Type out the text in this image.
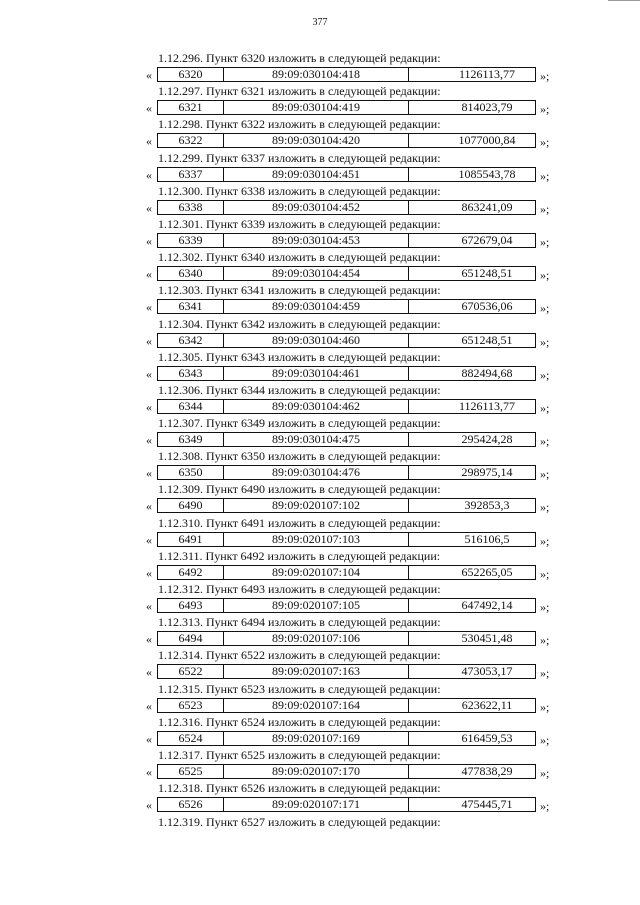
377
1.12.296. Пункт 6320 изложить в следующей редакции:
«	6320	89:09:030104:418	1126113,77	»;
1.12.297. Пункт 6321 изложить в следующей редакции:
«	6321	89:09:030104:419	814023,79	»;
1.12.298. Пункт 6322 изложить в следующей редакции:
«	6322	89:09:030104:420	1077000,84	»;
1.12.299. Пункт 6337 изложить в следующей редакции:
«	6337	89:09:030104:451	1085543,78	»;
1.12.300. Пункт 6338 изложить в следующей редакции:
«	6338	89:09:030104:452	863241,09	»;
1.12.301. Пункт 6339 изложить в следующей редакции:
«	6339	89:09:030104:453	672679,04	»;
1.12.302. Пункт 6340 изложить в следующей редакции:
«	6340	89:09:030104:454	651248,51	»;
1.12.303. Пункт 6341 изложить в следующей редакции:
«	6341	89:09:030104:459	670536,06	»;
1.12.304. Пункт 6342 изложить в следующей редакции:
«	6342	89:09:030104:460	651248,51	»;
1.12.305. Пункт 6343 изложить в следующей редакции:
«	6343	89:09:030104:461	882494,68	»;
1.12.306. Пункт 6344 изложить в следующей редакции:
«	6344	89:09:030104:462	1126113,77	»;
1.12.307. Пункт 6349 изложить в следующей редакции:
«	6349	89:09:030104:475	295424,28	»;
1.12.308. Пункт 6350 изложить в следующей редакции:
«	6350	89:09:030104:476	298975,14	»;
1.12.309. Пункт 6490 изложить в следующей редакции:
«	6490	89:09:020107:102	392853,3	»;
1.12.310. Пункт 6491 изложить в следующей редакции:
«	6491	89:09:020107:103	516106,5	»;
1.12.311. Пункт 6492 изложить в следующей редакции:
«	6492	89:09:020107:104	652265,05	»;
1.12.312. Пункт 6493 изложить в следующей редакции:
«	6493	89:09:020107:105	647492,14	»;
1.12.313. Пункт 6494 изложить в следующей редакции:
«	6494	89:09:020107:106	530451,48	»;
1.12.314. Пункт 6522 изложить в следующей редакции:
«	6522	89:09:020107:163	473053,17	»;
1.12.315. Пункт 6523 изложить в следующей редакции:
«	6523	89:09:020107:164	623622,11	»;
1.12.316. Пункт 6524 изложить в следующей редакции:
«	6524	89:09:020107:169	616459,53	»;
1.12.317. Пункт 6525 изложить в следующей редакции:
«	6525	89:09:020107:170	477838,29	»;
1.12.318. Пункт 6526 изложить в следующей редакции:
«	6526	89:09:020107:171	475445,71	»;
1.12.319. Пункт 6527 изложить в следующей редакции:
